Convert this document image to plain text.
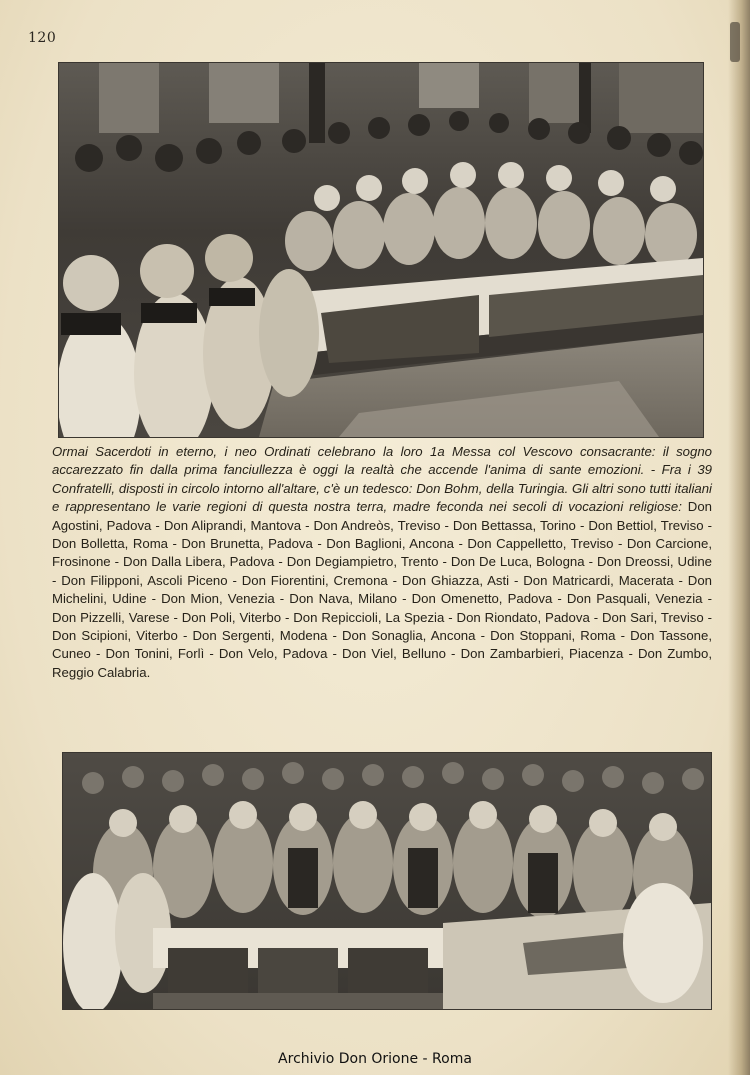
120
Ormai Sacerdoti in eterno, i neo Ordinati celebrano la loro 1a Messa col Vescovo consacrante: il sogno accarezzato fin dalla prima fanciullezza è oggi la realtà che accende l'anima di sante emozioni. - Fra i 39 Confratelli, disposti in circolo intorno all'altare, c'è un tedesco: Don Bohm, della Turingia. Gli altri sono tutti italiani e rappresentano le varie regioni di questa nostra terra, madre feconda nei secoli di vocazioni religiose: Don Agostini, Padova - Don Aliprandi, Mantova - Don Andreòs, Treviso - Don Bettassa, Torino - Don Bettiol, Treviso - Don Bolletta, Roma - Don Brunetta, Padova - Don Baglioni, Ancona - Don Cappelletto, Treviso - Don Carcione, Frosinone - Don Dalla Libera, Padova - Don Degiampietro, Trento - Don De Luca, Bologna - Don Dreossi, Udine - Don Filipponi, Ascoli Piceno - Don Fiorentini, Cremona - Don Ghiazza, Asti - Don Matricardi, Macerata - Don Michelini, Udine - Don Mion, Venezia - Don Nava, Milano - Don Omenetto, Padova - Don Pasquali, Venezia - Don Pizzelli, Varese - Don Poli, Viterbo - Don Repiccioli, La Spezia - Don Riondato, Padova - Don Sari, Treviso - Don Scipioni, Viterbo - Don Sergenti, Modena - Don Sonaglia, Ancona - Don Stoppani, Roma - Don Tassone, Cuneo - Don Tonini, Forlì - Don Velo, Padova - Don Viel, Belluno - Don Zambarbieri, Piacenza - Don Zumbo, Reggio Calabria.
Archivio Don Orione - Roma
